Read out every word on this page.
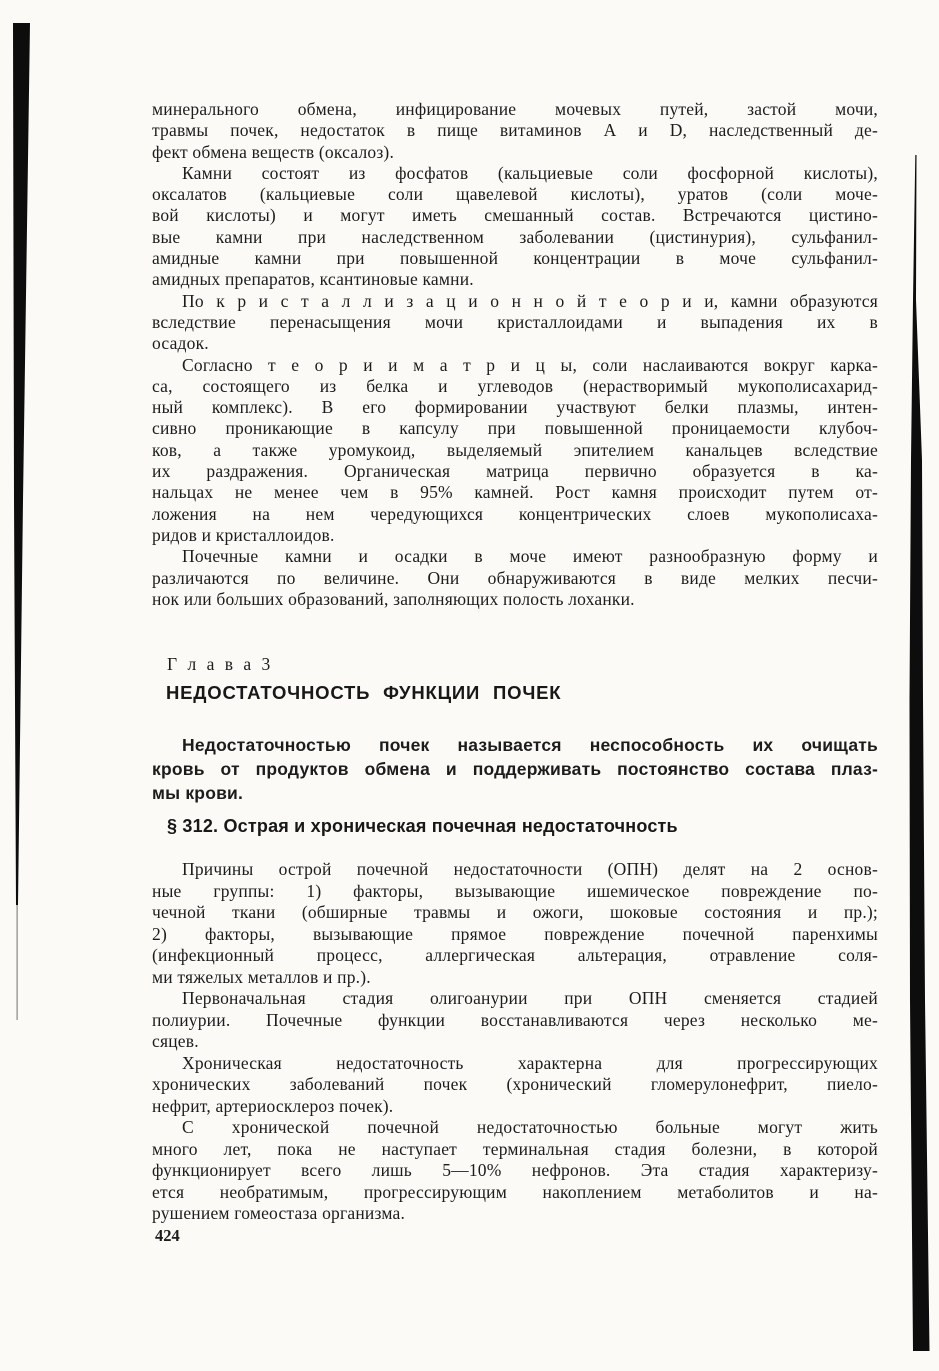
минерального обмена, инфицирование мочевых путей, застой мочи,
травмы почек, недостаток в пище витаминов А и D, наследственный де-
фект обмена веществ (оксалоз).
Камни состоят из фосфатов (кальциевые соли фосфорной кислоты),
оксалатов (кальциевые соли щавелевой кислоты), уратов (соли моче-
вой кислоты) и могут иметь смешанный состав. Встречаются цистино-
вые камни при наследственном заболевании (цистинурия), сульфанил-
амидные камни при повышенной концентрации в моче сульфанил-
амидных препаратов, ксантиновые камни.
По к р и с т а л л и з а ц и о н н о й т е о р и и, камни образуются
вследствие перенасыщения мочи кристаллоидами и выпадения их в
осадок.
Согласно т е о р и и м а т р и ц ы, соли наслаиваются вокруг карка-
са, состоящего из белка и углеводов (нерастворимый мукополисахарид-
ный комплекс). В его формировании участвуют белки плазмы, интен-
сивно проникающие в капсулу при повышенной проницаемости клубоч-
ков, а также уромукоид, выделяемый эпителием канальцев вследствие
их раздражения. Органическая матрица первично образуется в ка-
нальцах не менее чем в 95% камней. Рост камня происходит путем от-
ложения на нем чередующихся концентрических слоев мукополисаха-
ридов и кристаллоидов.
Почечные камни и осадки в моче имеют разнообразную форму и
различаются по величине. Они обнаруживаются в виде мелких песчи-
нок или больших образований, заполняющих полость лоханки.
Г л а в а 3
НЕДОСТАТОЧНОСТЬ ФУНКЦИИ ПОЧЕК
Недостаточностью почек называется неспособность их очищать
кровь от продуктов обмена и поддерживать постоянство состава плаз-
мы крови.
§ 312. Острая и хроническая почечная недостаточность
Причины острой почечной недостаточности (ОПН) делят на 2 основ-
ные группы: 1) факторы, вызывающие ишемическое повреждение по-
чечной ткани (обширные травмы и ожоги, шоковые состояния и пр.);
2) факторы, вызывающие прямое повреждение почечной паренхимы
(инфекционный процесс, аллергическая альтерация, отравление соля-
ми тяжелых металлов и пр.).
Первоначальная стадия олигоанурии при ОПН сменяется стадией
полиурии. Почечные функции восстанавливаются через несколько ме-
сяцев.
Хроническая недостаточность характерна для прогрессирующих
хронических заболеваний почек (хронический гломерулонефрит, пиело-
нефрит, артериосклероз почек).
С хронической почечной недостаточностью больные могут жить
много лет, пока не наступает терминальная стадия болезни, в которой
функционирует всего лишь 5—10% нефронов. Эта стадия характеризу-
ется необратимым, прогрессирующим накоплением метаболитов и на-
рушением гомеостаза организма.
424
